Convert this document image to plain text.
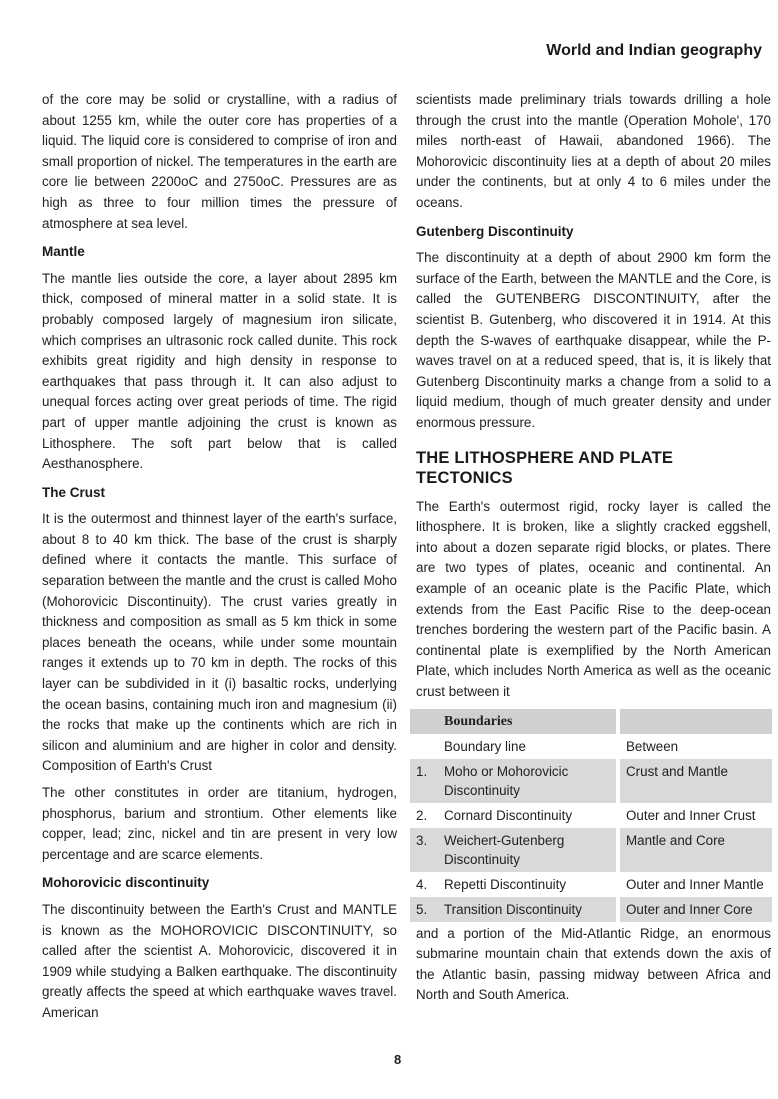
World and Indian geography

of the core may be solid or crystalline, with a radius of about 1255 km, while the outer core has properties of a liquid. The liquid core is considered to comprise of iron and small proportion of nickel. The temperatures in the earth are core lie between 2200oC and 2750oC. Pressures are as high as three to four million times the pressure of atmosphere at sea level.

Mantle

The mantle lies outside the core, a layer about 2895 km thick, composed of mineral matter in a solid state. It is probably composed largely of magnesium iron silicate, which comprises an ultrasonic rock called dunite. This rock exhibits great rigidity and high density in response to earthquakes that pass through it. It can also adjust to unequal forces acting over great periods of time. The rigid part of upper mantle adjoining the crust is known as Lithosphere. The soft part below that is called Aesthanosphere.

The Crust

It is the outermost and thinnest layer of the earth's surface, about 8 to 40 km thick. The base of the crust is sharply defined where it contacts the mantle. This surface of separation between the mantle and the crust is called Moho (Mohorovicic Discontinuity). The crust varies greatly in thickness and composition as small as 5 km thick in some places beneath the oceans, while under some mountain ranges it extends up to 70 km in depth. The rocks of this layer can be subdivided in it (i) basaltic rocks, underlying the ocean basins, containing much iron and magnesium (ii) the rocks that make up the continents which are rich in silicon and aluminium and are higher in color and density. Composition of Earth's Crust

The other constitutes in order are titanium, hydrogen, phosphorus, barium and strontium. Other elements like copper, lead; zinc, nickel and tin are present in very low percentage and are scarce elements.

Mohorovicic discontinuity

The discontinuity between the Earth's Crust and MANTLE is known as the MOHOROVICIC DISCONTINUITY, so called after the scientist A. Mohorovicic, discovered it in 1909 while studying a Balken earthquake. The discontinuity greatly affects the speed at which earthquake waves travel. American

scientists made preliminary trials towards drilling a hole through the crust into the mantle (Operation Mohole', 170 miles north-east of Hawaii, abandoned 1966). The Mohorovicic discontinuity lies at a depth of about 20 miles under the continents, but at only 4 to 6 miles under the oceans.

Gutenberg Discontinuity

The discontinuity at a depth of about 2900 km form the surface of the Earth, between the MANTLE and the Core, is called the GUTENBERG DISCONTINUITY, after the scientist B. Gutenberg, who discovered it in 1914. At this depth the S-waves of earthquake disappear, while the P-waves travel on at a reduced speed, that is, it is likely that Gutenberg Discontinuity marks a change from a solid to a liquid medium, though of much greater density and under enormous pressure.

THE LITHOSPHERE AND PLATE TECTONICS

The Earth's outermost rigid, rocky layer is called the lithosphere. It is broken, like a slightly cracked eggshell, into about a dozen separate rigid blocks, or plates. There are two types of plates, oceanic and continental. An example of an oceanic plate is the Pacific Plate, which extends from the East Pacific Rise to the deep-ocean trenches bordering the western part of the Pacific basin. A continental plate is exemplified by the North American Plate, which includes North America as well as the oceanic crust between it

	Boundaries		
	Boundary line		Between
1.	Moho or Mohorovicic Discontinuity		Crust and Mantle
2.	Cornard Discontinuity		Outer and Inner Crust
3.	Weichert-Gutenberg Discontinuity		Mantle and Core
4.	Repetti Discontinuity		Outer and Inner Mantle
5.	Transition Discontinuity		Outer and Inner Core

and a portion of the Mid-Atlantic Ridge, an enormous submarine mountain chain that extends down the axis of the Atlantic basin, passing midway between Africa and North and South America.

8
